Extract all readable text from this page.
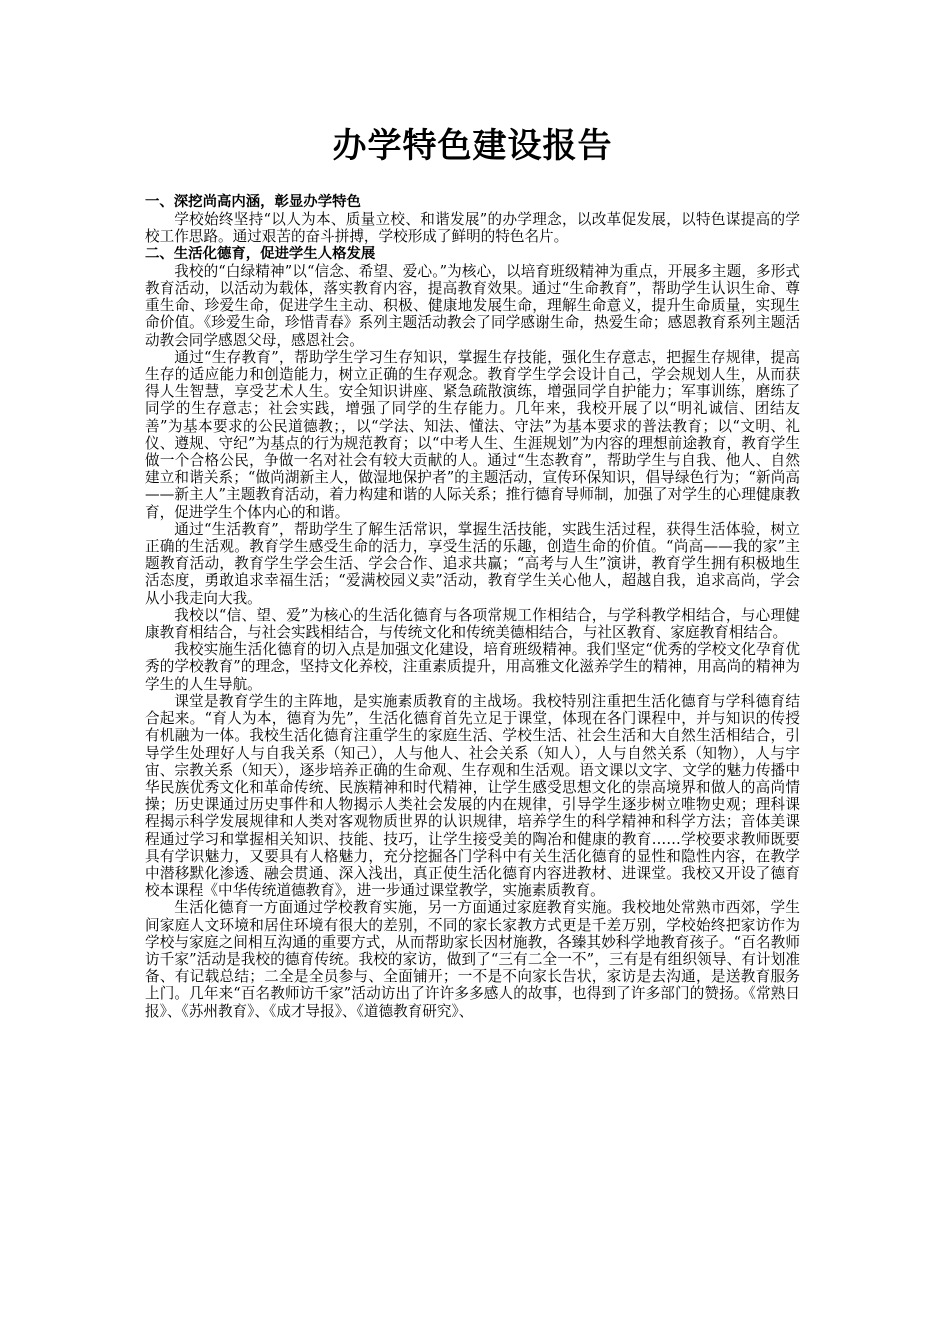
办学特色建设报告

一、深挖尚高内涵，彰显办学特色

学校始终坚持“以人为本、质量立校、和谐发展”的办学理念，以改革促发展，以特色谋提高的学校工作思路。通过艰苦的奋斗拼搏，学校形成了鲜明的特色名片。

二、生活化德育，促进学生人格发展

我校的“白绿精神”以“信念、希望、爱心。”为核心，以培育班级精神为重点，开展多主题，多形式教育活动，以活动为载体，落实教育内容，提高教育效果。通过“生命教育”，帮助学生认识生命、尊重生命、珍爱生命，促进学生主动、积极、健康地发展生命，理解生命意义，提升生命质量，实现生命价值。《珍爱生命，珍惜青春》系列主题活动教会了同学感谢生命，热爱生命；感恩教育系列主题活动教会同学感恩父母，感恩社会。

通过“生存教育”，帮助学生学习生存知识，掌握生存技能，强化生存意志，把握生存规律，提高生存的适应能力和创造能力，树立正确的生存观念。教育学生学会设计自己，学会规划人生，从而获得人生智慧，享受艺术人生。安全知识讲座、紧急疏散演练，增强同学自护能力；军事训练，磨练了同学的生存意志；社会实践，增强了同学的生存能力。几年来，我校开展了以“明礼诚信、团结友善”为基本要求的公民道德教；，以“学法、知法、懂法、守法”为基本要求的普法教育；以“文明、礼仪、遵规、守纪”为基点的行为规范教育；以“中考人生、生涯规划”为内容的理想前途教育，教育学生做一个合格公民，争做一名对社会有较大贡献的人。通过“生态教育”，帮助学生与自我、他人、自然建立和谐关系；“做尚湖新主人，做湿地保护者”的主题活动，宣传环保知识，倡导绿色行为；“新尚高——新主人”主题教育活动，着力构建和谐的人际关系；推行德育导师制，加强了对学生的心理健康教育，促进学生个体内心的和谐。

通过“生活教育”，帮助学生了解生活常识，掌握生活技能，实践生活过程，获得生活体验，树立正确的生活观。教育学生感受生命的活力，享受生活的乐趣，创造生命的价值。“尚高——我的家”主题教育活动，教育学生学会生活、学会合作、追求共赢；“高考与人生”演讲，教育学生拥有积极地生活态度，勇敢追求幸福生活；“爱满校园义卖”活动，教育学生关心他人，超越自我，追求高尚，学会从小我走向大我。

我校以“信、望、爱”为核心的生活化德育与各项常规工作相结合，与学科教学相结合，与心理健康教育相结合，与社会实践相结合，与传统文化和传统美德相结合，与社区教育、家庭教育相结合。

我校实施生活化德育的切入点是加强文化建设，培育班级精神。我们坚定“优秀的学校文化孕育优秀的学校教育”的理念，坚持文化养校，注重素质提升，用高雅文化滋养学生的精神，用高尚的精神为学生的人生导航。

课堂是教育学生的主阵地，是实施素质教育的主战场。我校特别注重把生活化德育与学科德育结合起来。“育人为本，德育为先”，生活化德育首先立足于课堂，体现在各门课程中，并与知识的传授有机融为一体。我校生活化德育注重学生的家庭生活、学校生活、社会生活和大自然生活相结合，引导学生处理好人与自我关系（知己），人与他人、社会关系（知人），人与自然关系（知物），人与宇宙、宗教关系（知天），逐步培养正确的生命观、生存观和生活观。语文课以文字、文学的魅力传播中华民族优秀文化和革命传统、民族精神和时代精神，让学生感受思想文化的崇高境界和做人的高尚情操；历史课通过历史事件和人物揭示人类社会发展的内在规律，引导学生逐步树立唯物史观；理科课程揭示科学发展规律和人类对客观物质世界的认识规律，培养学生的科学精神和科学方法；音体美课程通过学习和掌握相关知识、技能、技巧，让学生接受美的陶冶和健康的教育……学校要求教师既要具有学识魅力，又要具有人格魅力，充分挖掘各门学科中有关生活化德育的显性和隐性内容，在教学中潜移默化渗透、融会贯通、深入浅出，真正使生活化德育内容进教材、进课堂。我校又开设了德育校本课程《中华传统道德教育》，进一步通过课堂教学，实施素质教育。

生活化德育一方面通过学校教育实施，另一方面通过家庭教育实施。我校地处常熟市西郊，学生间家庭人文环境和居住环境有很大的差别，不同的家长家教方式更是千差万别，学校始终把家访作为学校与家庭之间相互沟通的重要方式，从而帮助家长因材施教，各臻其妙科学地教育孩子。“百名教师访千家”活动是我校的德育传统。我校的家访，做到了“三有二全一不”，三有是有组织领导、有计划准备、有记载总结；二全是全员参与、全面铺开；一不是不向家长告状，家访是去沟通，是送教育服务上门。几年来“百名教师访千家”活动访出了许许多多感人的故事，也得到了许多部门的赞扬。《常熟日报》、《苏州教育》、《成才导报》、《道德教育研究》、
